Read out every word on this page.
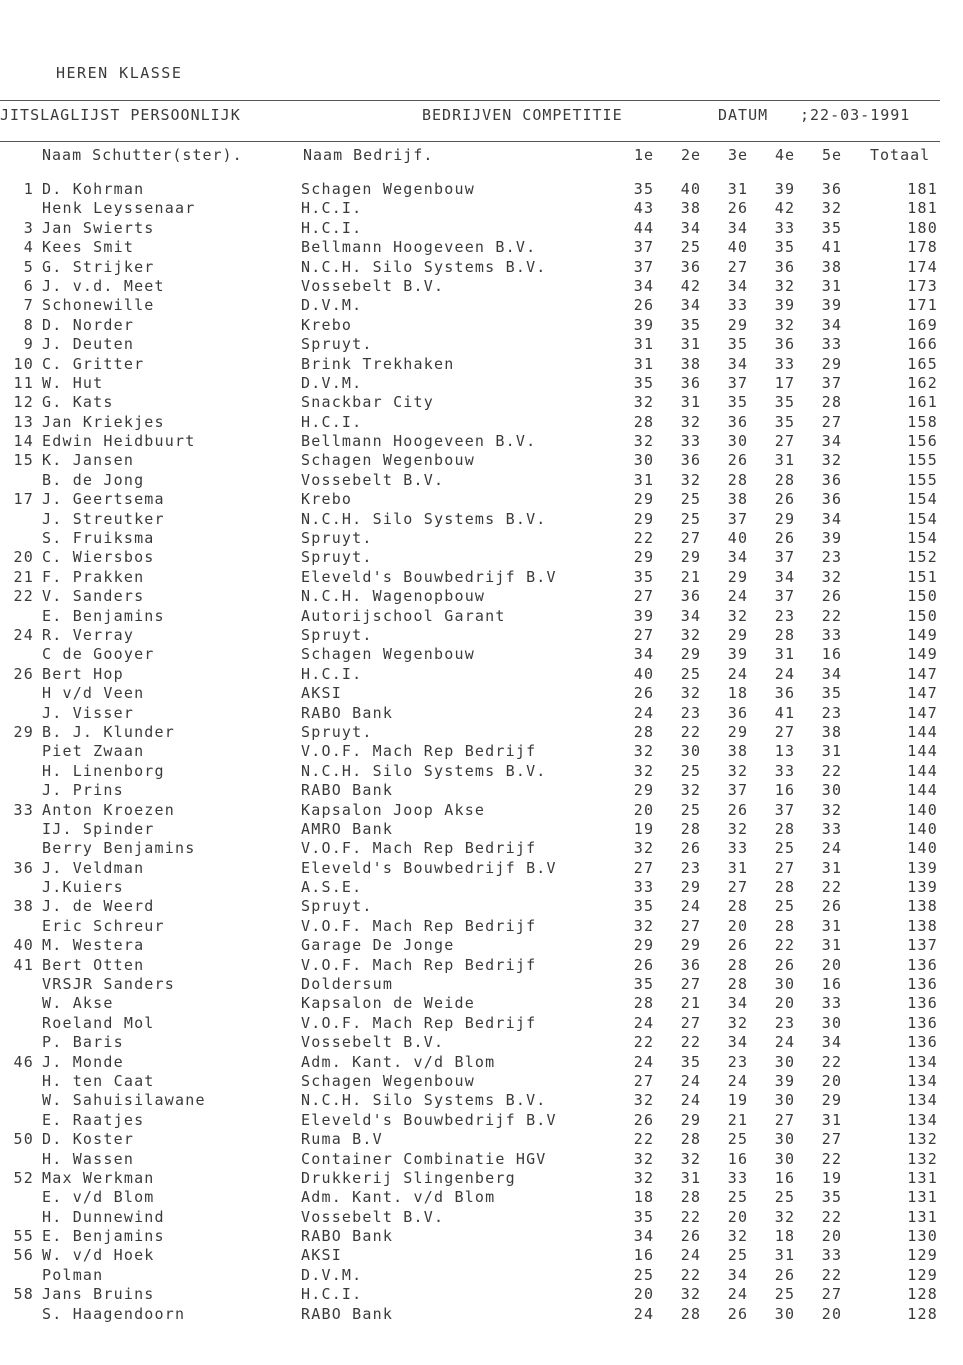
HEREN KLASSE
JITSLAGLIJST PERSOONLIJK	BEDRIJVEN COMPETITIE	DATUM ;22-03-1991
Naam Schutter(ster).	Naam Bedrijf.	1e 2e 3e 4e 5e Totaal
1 D. Kohrman	Schagen Wegenbouw	35	40	31	39	36	181
Henk Leyssenaar	H.C.I.	43	38	26	42	32	181
3 Jan Swierts	H.C.I.	44	34	34	33	35	180
4 Kees Smit	Bellmann Hoogeveen B.V.	37	25	40	35	41	178
5 G. Strijker	N.C.H. Silo Systems B.V.	37	36	27	36	38	174
6 J. v.d. Meet	Vossebelt B.V.	34	42	34	32	31	173
7 Schonewille	D.V.M.	26	34	33	39	39	171
8 D. Norder	Krebo	39	35	29	32	34	169
9 J. Deuten	Spruyt.	31	31	35	36	33	166
10 C. Gritter	Brink Trekhaken	31	38	34	33	29	165
11 W. Hut	D.V.M.	35	36	37	17	37	162
12 G. Kats	Snackbar City	32	31	35	35	28	161
13 Jan Kriekjes	H.C.I.	28	32	36	35	27	158
14 Edwin Heidbuurt	Bellmann Hoogeveen B.V.	32	33	30	27	34	156
15 K. Jansen	Schagen Wegenbouw	30	36	26	31	32	155
B. de Jong	Vossebelt B.V.	31	32	28	28	36	155
17 J. Geertsema	Krebo	29	25	38	26	36	154
J. Streutker	N.C.H. Silo Systems B.V.	29	25	37	29	34	154
S. Fruiksma	Spruyt.	22	27	40	26	39	154
20 C. Wiersbos	Spruyt.	29	29	34	37	23	152
21 F. Prakken	Eleveld's Bouwbedrijf B.V	35	21	29	34	32	151
22 V. Sanders	N.C.H. Wagenopbouw	27	36	24	37	26	150
E. Benjamins	Autorijschool Garant	39	34	32	23	22	150
24 R. Verray	Spruyt.	27	32	29	28	33	149
C de Gooyer	Schagen Wegenbouw	34	29	39	31	16	149
26 Bert Hop	H.C.I.	40	25	24	24	34	147
H v/d Veen	AKSI	26	32	18	36	35	147
J. Visser	RABO Bank	24	23	36	41	23	147
29 B. J. Klunder	Spruyt.	28	22	29	27	38	144
Piet Zwaan	V.O.F. Mach Rep Bedrijf	32	30	38	13	31	144
H. Linenborg	N.C.H. Silo Systems B.V.	32	25	32	33	22	144
J. Prins	RABO Bank	29	32	37	16	30	144
33 Anton Kroezen	Kapsalon Joop Akse	20	25	26	37	32	140
IJ. Spinder	AMRO Bank	19	28	32	28	33	140
Berry Benjamins	V.O.F. Mach Rep Bedrijf	32	26	33	25	24	140
36 J. Veldman	Eleveld's Bouwbedrijf B.V	27	23	31	27	31	139
J.Kuiers	A.S.E.	33	29	27	28	22	139
38 J. de Weerd	Spruyt.	35	24	28	25	26	138
Eric Schreur	V.O.F. Mach Rep Bedrijf	32	27	20	28	31	138
40 M. Westera	Garage De Jonge	29	29	26	22	31	137
41 Bert Otten	V.O.F. Mach Rep Bedrijf	26	36	28	26	20	136
VRSJR Sanders	Doldersum	35	27	28	30	16	136
W. Akse	Kapsalon de Weide	28	21	34	20	33	136
Roeland Mol	V.O.F. Mach Rep Bedrijf	24	27	32	23	30	136
P. Baris	Vossebelt B.V.	22	22	34	24	34	136
46 J. Monde	Adm. Kant. v/d Blom	24	35	23	30	22	134
H. ten Caat	Schagen Wegenbouw	27	24	24	39	20	134
W. Sahuisilawane	N.C.H. Silo Systems B.V.	32	24	19	30	29	134
E. Raatjes	Eleveld's Bouwbedrijf B.V	26	29	21	27	31	134
50 D. Koster	Ruma B.V	22	28	25	30	27	132
H. Wassen	Container Combinatie HGV	32	32	16	30	22	132
52 Max Werkman	Drukkerij Slingenberg	32	31	33	16	19	131
E. v/d Blom	Adm. Kant. v/d Blom	18	28	25	25	35	131
H. Dunnewind	Vossebelt B.V.	35	22	20	32	22	131
55 E. Benjamins	RABO Bank	34	26	32	18	20	130
56 W. v/d Hoek	AKSI	16	24	25	31	33	129
Polman	D.V.M.	25	22	34	26	22	129
58 Jans Bruins	H.C.I.	20	32	24	25	27	128
S. Haagendoorn	RABO Bank	24	28	26	30	20	128
